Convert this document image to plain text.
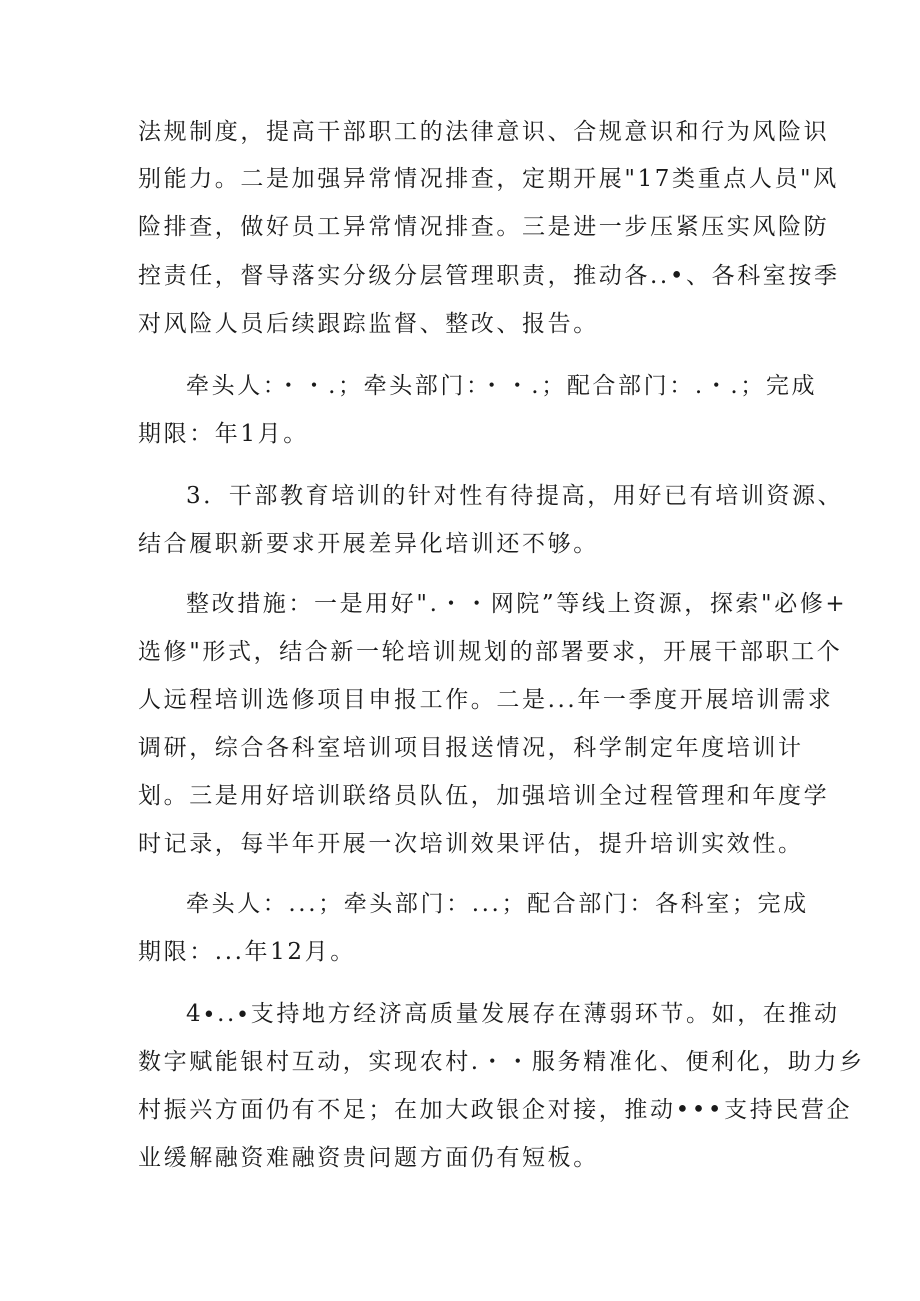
法规制度，提高干部职工的法律意识、合规意识和行为风险识

别能力。二是加强异常情况排查，定期开展"17类重点人员"风

险排查，做好员工异常情况排查。三是进一步压紧压实风险防

控责任，督导落实分级分层管理职责，推动各..•、各科室按季

对风险人员后续跟踪监督、整改、报告。

牵头人：・・.；牵头部门：・・.；配合部门：.・.；完成

期限：年1月。

3．干部教育培训的针对性有待提高，用好已有培训资源、

结合履职新要求开展差异化培训还不够。

整改措施：一是用好".・・网院”等线上资源，探索"必修+

选修"形式，结合新一轮培训规划的部署要求，开展干部职工个

人远程培训选修项目申报工作。二是...年一季度开展培训需求

调研，综合各科室培训项目报送情况，科学制定年度培训计

划。三是用好培训联络员队伍，加强培训全过程管理和年度学

时记录，每半年开展一次培训效果评估，提升培训实效性。

牵头人：...；牵头部门：...；配合部门：各科室；完成

期限：...年12月。

4∙..∙支持地方经济高质量发展存在薄弱环节。如，在推动

数字赋能银村互动，实现农村.・・服务精准化、便利化，助力乡

村振兴方面仍有不足；在加大政银企对接，推动•••支持民营企

业缓解融资难融资贵问题方面仍有短板。
